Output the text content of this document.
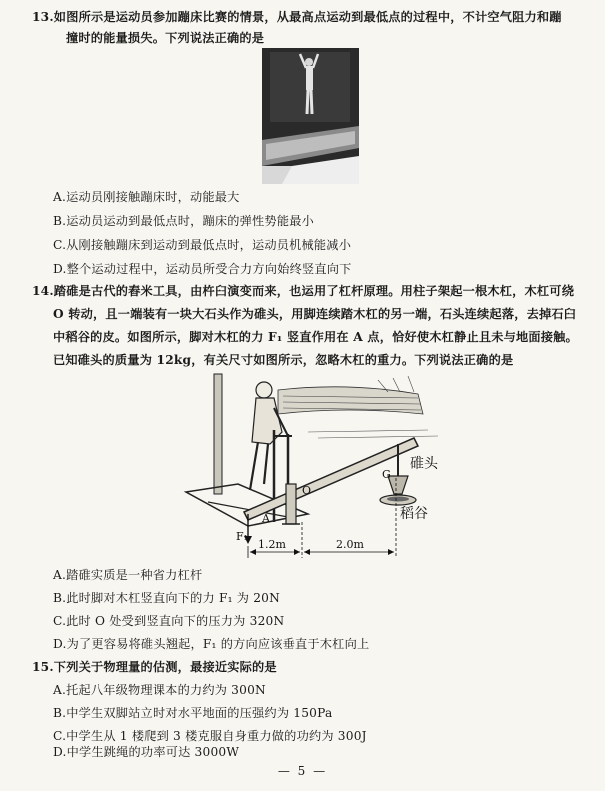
13.如图所示是运动员参加蹦床比赛的情景，从最高点运动到最低点的过程中，不计空气阻力和蹦
撞时的能量损失。下列说法正确的是
A.运动员刚接触蹦床时，动能最大
B.运动员运动到最低点时，蹦床的弹性势能最小
C.从刚接触蹦床到运动到最低点时，运动员机械能减小
D.整个运动过程中，运动员所受合力方向始终竖直向下
14.踏碓是古代的舂米工具，由杵臼演变而来，也运用了杠杆原理。用柱子架起一根木杠，木杠可绕
O 转动，且一端装有一块大石头作为碓头，用脚连续踏木杠的另一端，石头连续起落，去掉石臼
中稻谷的皮。如图所示，脚对木杠的力 F₁ 竖直作用在 A 点，恰好使木杠静止且未与地面接触。
已知碓头的质量为 12kg，有关尺寸如图所示，忽略木杠的重力。下列说法正确的是
A
O
G
F₁
碓头
稻谷
1.2m	2.0m
A.踏碓实质是一种省力杠杆
B.此时脚对木杠竖直向下的力 F₁ 为 20N
C.此时 O 处受到竖直向下的压力为 320N
D.为了更容易将碓头翘起，F₁ 的方向应该垂直于木杠向上
15.下列关于物理量的估测，最接近实际的是
A.托起八年级物理课本的力约为 300N
B.中学生双脚站立时对水平地面的压强约为 150Pa
C.中学生从 1 楼爬到 3 楼克服自身重力做的功约为 300J
D.中学生跳绳的功率可达 3000W
— 5 —
